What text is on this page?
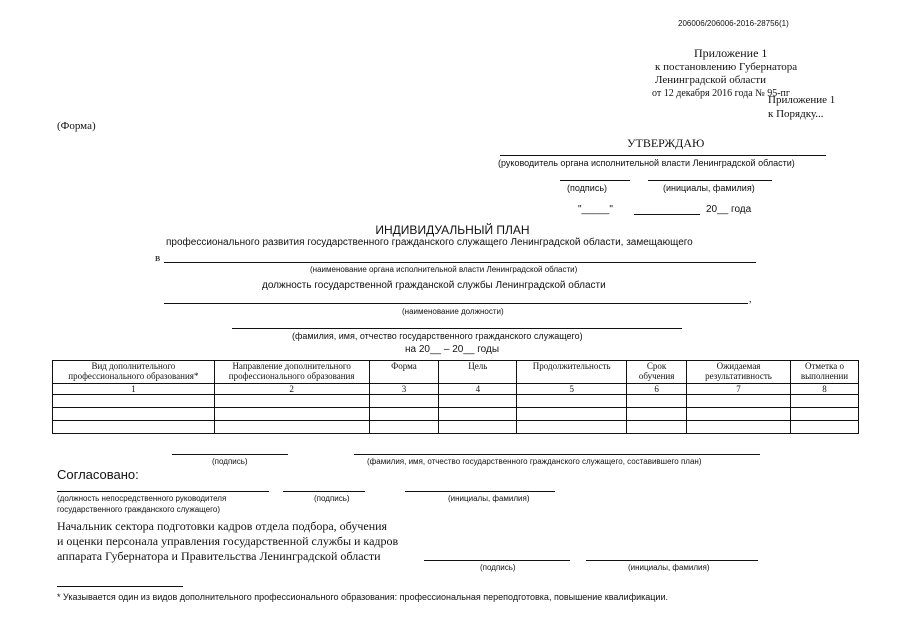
206006/206006-2016-28756(1)
Приложение 1
к постановлению Губернатора
Ленинградской области
от 12 декабря 2016 года № 95-пг
Приложение 1
к Порядку...
(Форма)
УТВЕРЖДАЮ
(руководитель органа исполнительной власти Ленинградской области)
(подпись)	(инициалы, фамилия)
"_____"	20__ года
ИНДИВИДУАЛЬНЫЙ ПЛАН
профессионального развития государственного гражданского служащего Ленинградской области, замещающего
в
(наименование органа исполнительной власти Ленинградской области)
должность государственной гражданской службы Ленинградской области
,
(наименование должности)
(фамилия, имя, отчество государственного гражданского служащего)
на 20__ – 20__ годы
Вид дополнительного профессионального образования*	Направление дополнительного профессионального образования	Форма	Цель	Продолжительность	Срок обучения	Ожидаемая результативность	Отметка о выполнении
1	2	3	4	5	6	7	8

(подпись)	(фамилия, имя, отчество государственного гражданского служащего, составившего план)
Согласовано:
(должность непосредственного руководителя
государственного гражданского служащего)
(подпись)	(инициалы, фамилия)
Начальник сектора подготовки кадров отдела подбора, обучения
и оценки персонала управления государственной службы и кадров
аппарата Губернатора и Правительства Ленинградской области
(подпись)	(инициалы, фамилия)
* Указывается один из видов дополнительного профессионального образования: профессиональная переподготовка, повышение квалификации.
